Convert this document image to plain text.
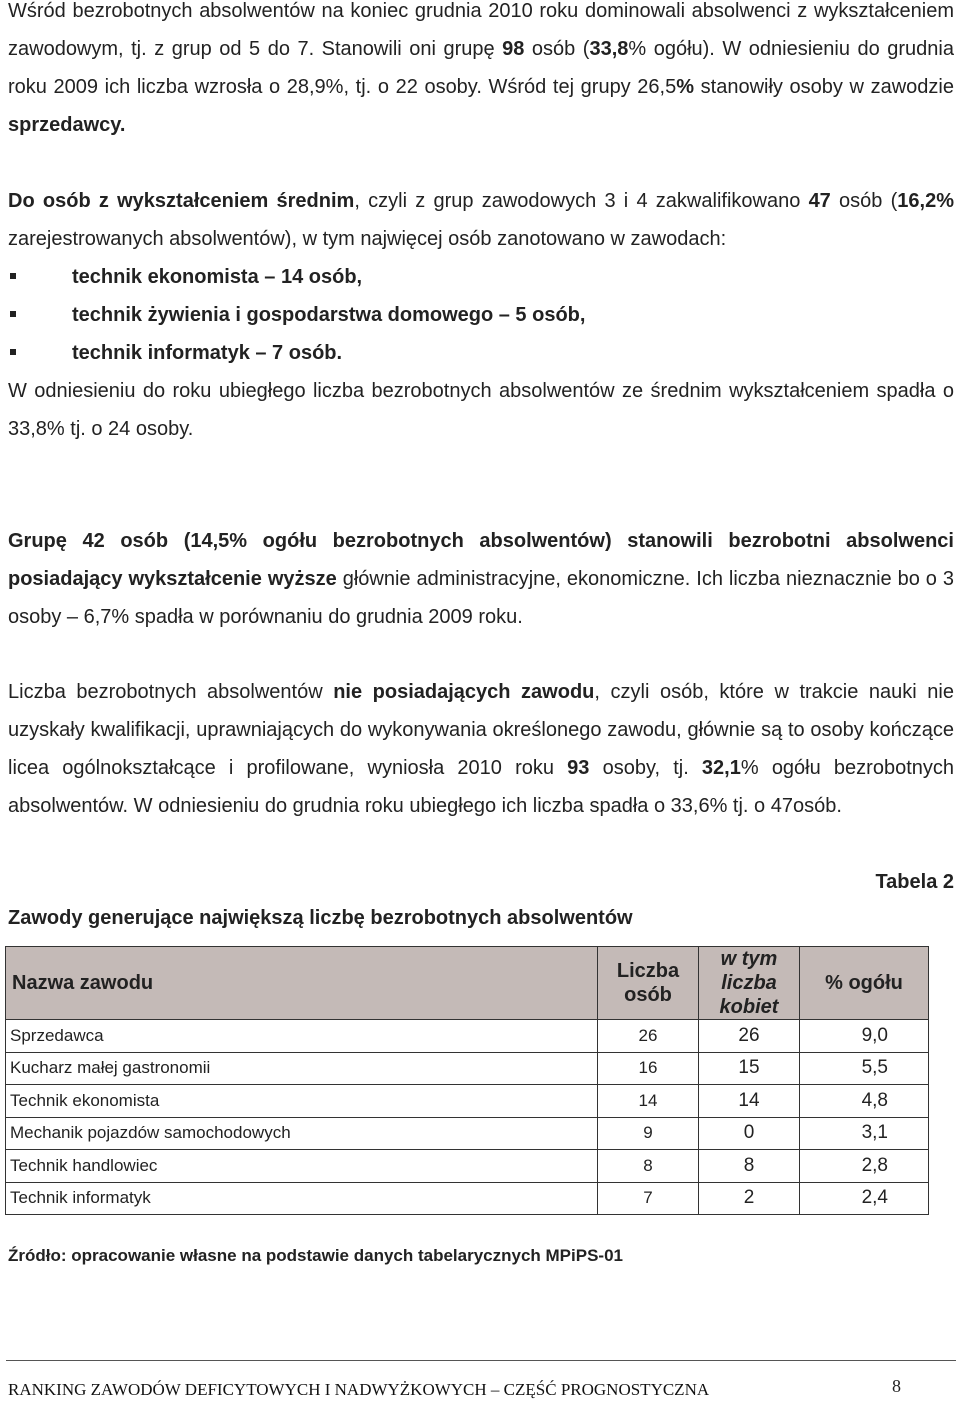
Wśród bezrobotnych absolwentów na koniec grudnia 2010 roku dominowali absolwenci z wykształceniem zawodowym, tj. z grup od 5 do 7. Stanowili oni grupę 98 osób (33,8% ogółu). W odniesieniu do grudnia roku 2009 ich liczba wzrosła o 28,9%, tj. o 22 osoby. Wśród tej grupy 26,5% stanowiły osoby w zawodzie sprzedawcy.

Do osób z wykształceniem średnim, czyli z grup zawodowych 3 i 4 zakwalifikowano 47 osób (16,2% zarejestrowanych absolwentów), w tym najwięcej osób zanotowano w zawodach:

technik ekonomista – 14 osób,
technik żywienia i gospodarstwa domowego – 5 osób,
technik informatyk – 7 osób.

W odniesieniu do roku ubiegłego liczba bezrobotnych absolwentów ze średnim wykształceniem spadła o 33,8% tj. o 24 osoby.

Grupę 42 osób (14,5% ogółu bezrobotnych absolwentów) stanowili bezrobotni absolwenci posiadający wykształcenie wyższe głównie administracyjne, ekonomiczne. Ich liczba nieznacznie bo o 3 osoby – 6,7% spadła w porównaniu do grudnia 2009 roku.

Liczba bezrobotnych absolwentów nie posiadających zawodu, czyli osób, które w trakcie nauki nie uzyskały kwalifikacji, uprawniających do wykonywania określonego zawodu, głównie są to osoby kończące licea ogólnokształcące i profilowane, wyniosła 2010 roku 93 osoby, tj. 32,1% ogółu bezrobotnych absolwentów. W odniesieniu do grudnia roku ubiegłego ich liczba spadła o 33,6% tj. o 47osób.

Tabela 2
Zawody generujące największą liczbę bezrobotnych absolwentów
Nazwa zawodu	Liczba osób	w tym liczba kobiet	% ogółu
Sprzedawca	26	26	9,0
Kucharz małej gastronomii	16	15	5,5
Technik ekonomista	14	14	4,8
Mechanik pojazdów samochodowych	9	0	3,1
Technik handlowiec	8	8	2,8
Technik informatyk	7	2	2,4
Źródło: opracowanie własne na podstawie danych tabelarycznych MPiPS-01
RANKING ZAWODÓW DEFICYTOWYCH I NADWYŻKOWYCH – CZĘŚĆ PROGNOSTYCZNA	8
